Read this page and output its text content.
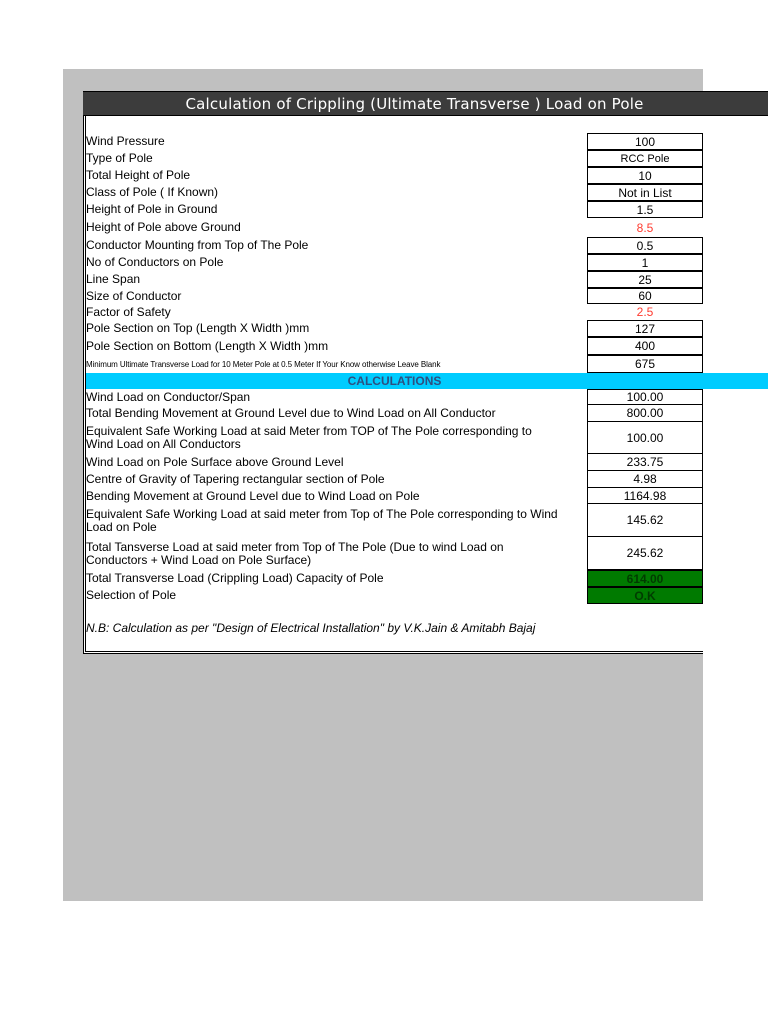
Calculation of Crippling (Ultimate Transverse ) Load on Pole
Wind Pressure	100
Type of Pole	RCC Pole
Total Height of Pole	10
Class of Pole ( If Known)	Not in List
Height of Pole in Ground	1.5
Height of Pole above Ground	8.5
Conductor Mounting from Top of The Pole	0.5
No of Conductors on Pole	1
Line Span	25
Size of Conductor	60
Factor of Safety	2.5
Pole Section on Top (Length X Width )mm	127
Pole Section on Bottom (Length X Width )mm	400
Minimum Ultimate Transverse Load for 10 Meter Pole at 0.5 Meter If Your Know otherwise Leave Blank	675
CALCULATIONS
Wind Load on Conductor/Span	100.00
Total Bending Movement at Ground Level due to Wind Load on All Conductor	800.00
Equivalent Safe Working Load at said Meter from TOP of The Pole corresponding to
Wind Load on All Conductors	100.00
Wind Load on Pole Surface above Ground Level	233.75
Centre of Gravity of Tapering rectangular section of Pole	4.98
Bending Movement at Ground Level due to Wind Load on Pole	1164.98
Equivalent Safe Working Load at said meter from Top of The Pole corresponding to Wind
Load on Pole	145.62
Total Tansverse Load at said meter from Top of The Pole (Due to wind Load on
Conductors + Wind Load on Pole Surface)	245.62
Total Transverse Load (Crippling Load) Capacity of Pole	614.00
Selection of Pole	O.K
N.B: Calculation as per "Design of Electrical Installation" by V.K.Jain & Amitabh Bajaj
